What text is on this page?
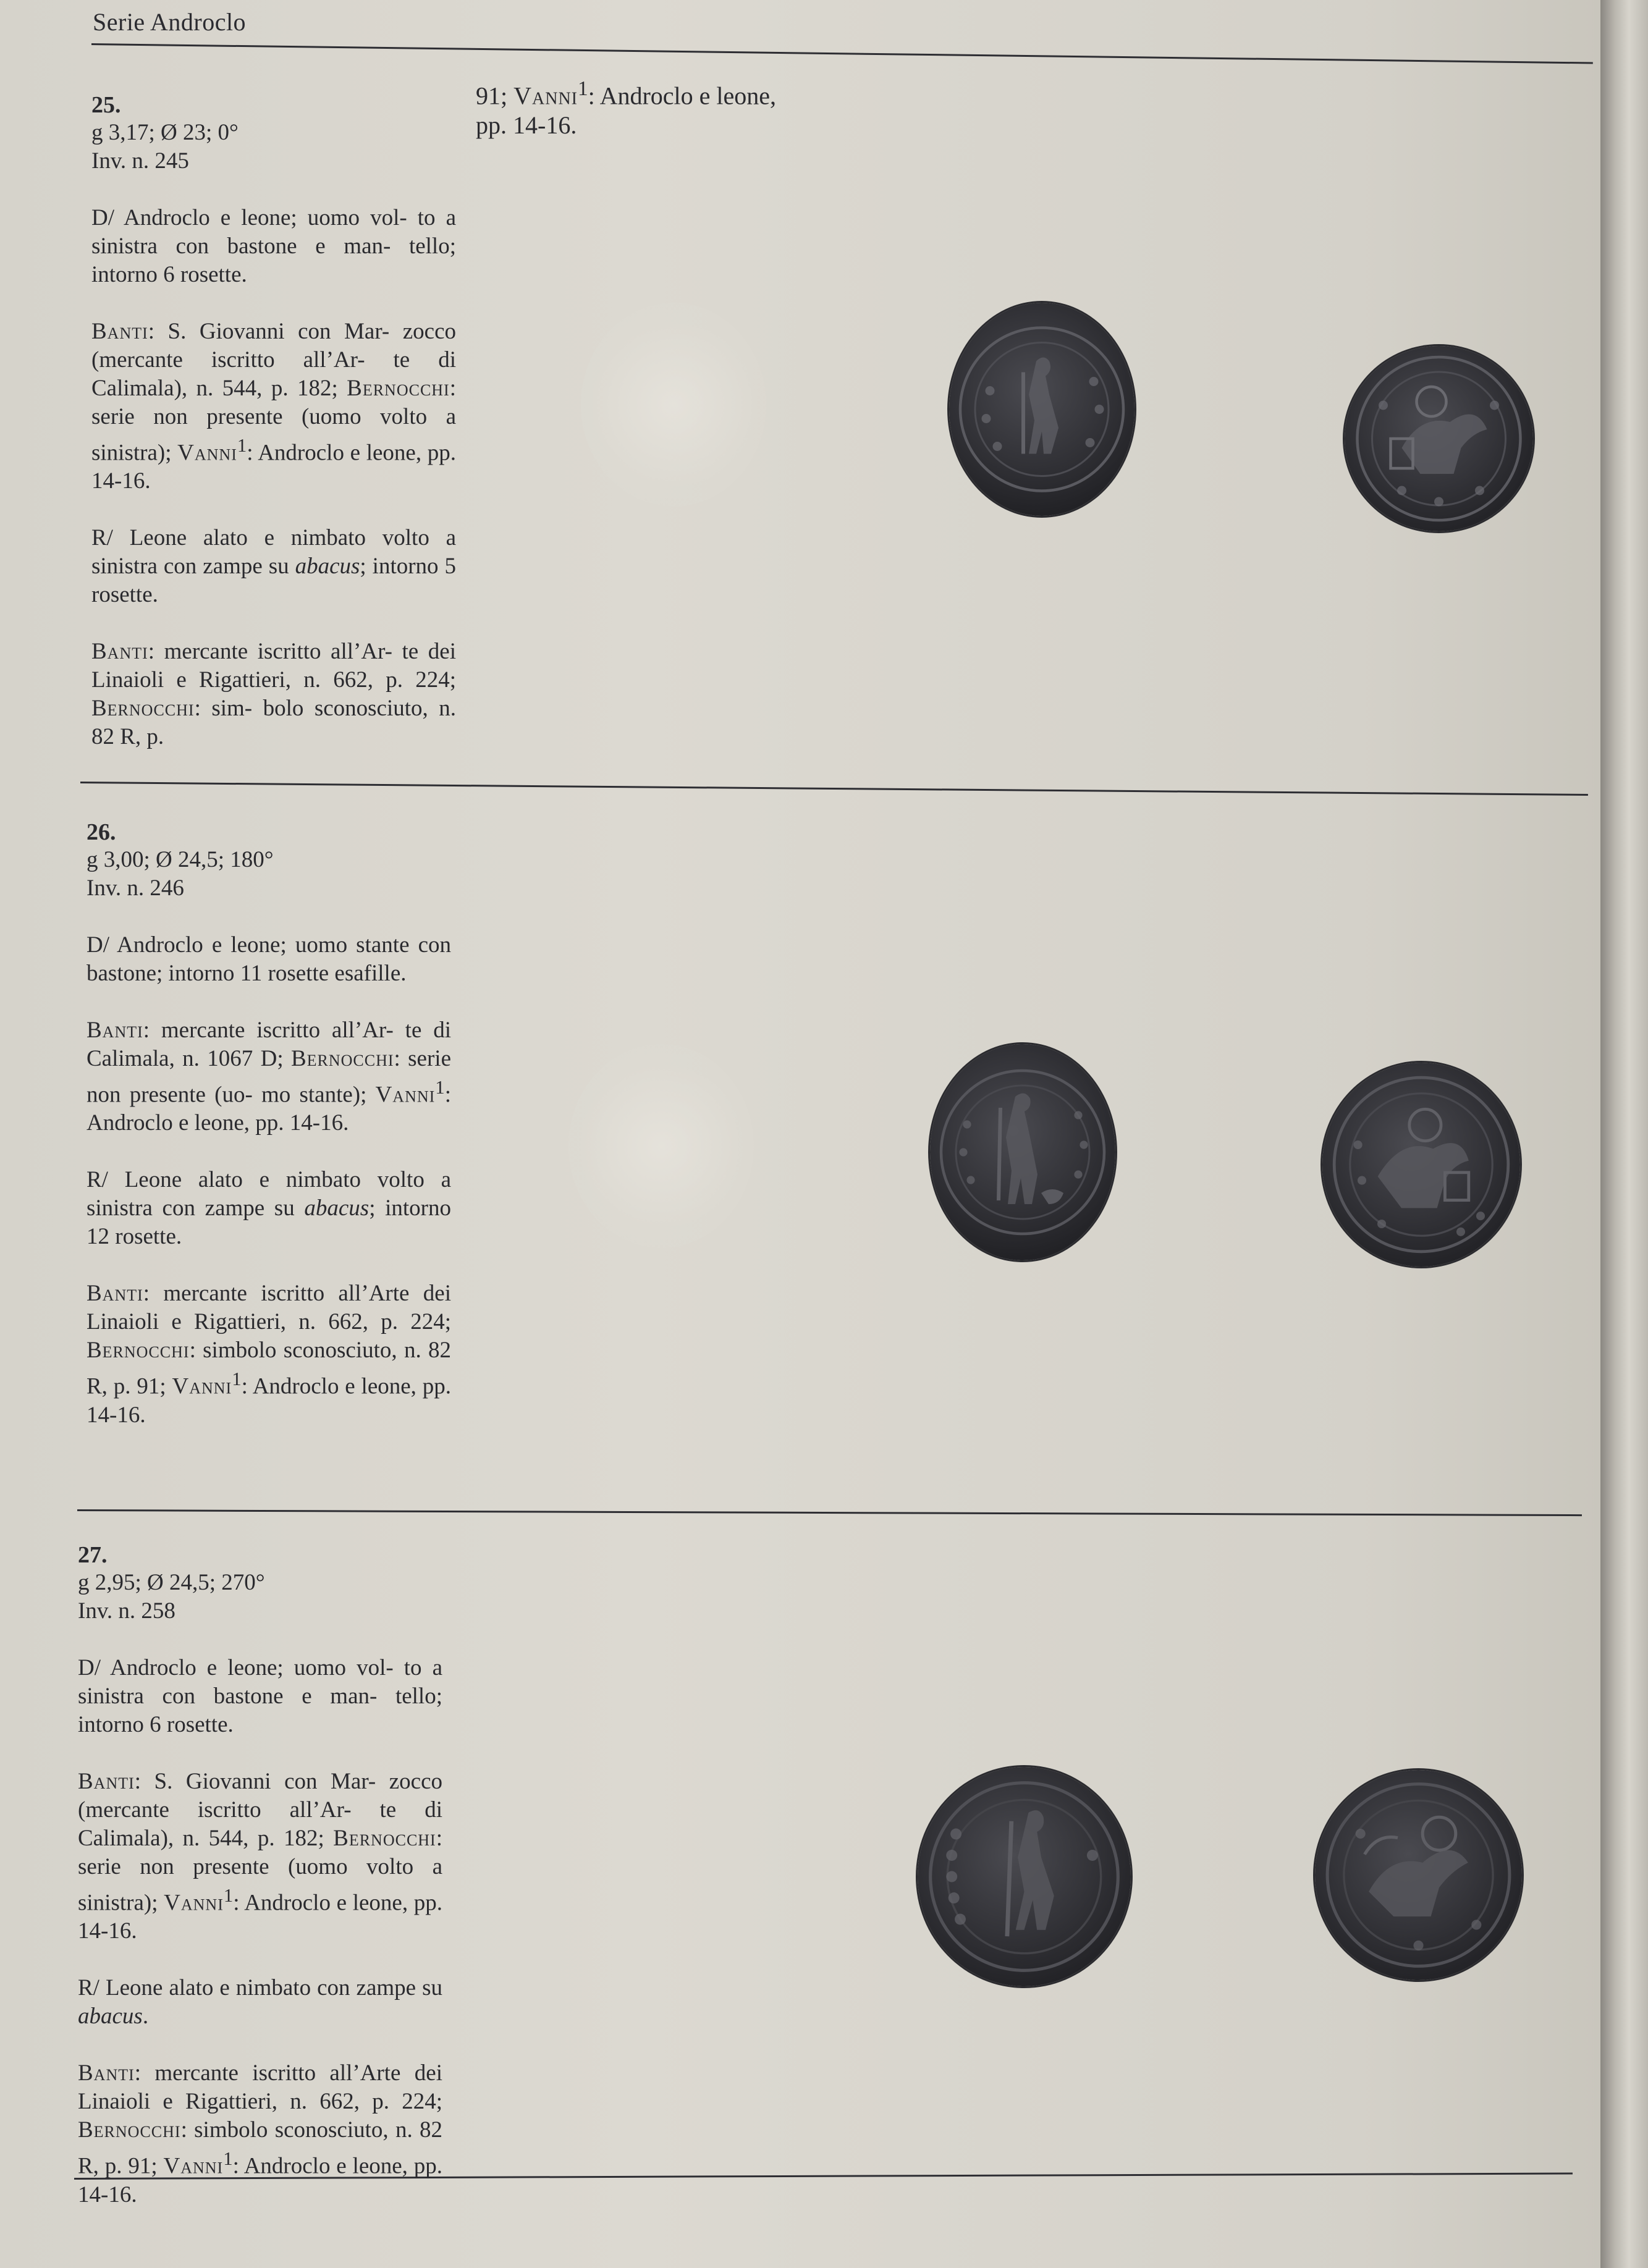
Serie Androclo
91; Vanni$^1$: Androclo e leone,
pp. 14-16.
25.
g 3,17; Ø 23; 0°
Inv. n. 245

D/ Androclo e leone; uomo vol- to a sinistra con bastone e man- tello; intorno 6 rosette.

Banti: S. Giovanni con Mar- zocco (mercante iscritto all’Ar- te di Calimala), n. 544, p. 182; Bernocchi: serie non presente (uomo volto a sinistra); Vanni$^1$: Androclo e leone, pp. 14-16.

R/ Leone alato e nimbato volto a sinistra con zampe su abacus; intorno 5 rosette.

Banti: mercante iscritto all’Ar- te dei Linaioli e Rigattieri, n. 662, p. 224; Bernocchi: sim- bolo sconosciuto, n. 82 R, p.

26.
g 3,00; Ø 24,5; 180°
Inv. n. 246

D/ Androclo e leone; uomo stante con bastone; intorno 11 rosette esafille.

Banti: mercante iscritto all’Ar- te di Calimala, n. 1067 D; Bernocchi: serie non presente (uo- mo stante); Vanni$^1$: Androclo e leone, pp. 14-16.

R/ Leone alato e nimbato volto a sinistra con zampe su abacus; intorno 12 rosette.

Banti: mercante iscritto all’Arte dei Linaioli e Rigattieri, n. 662, p. 224; Bernocchi: simbolo sconosciuto, n. 82 R, p. 91; Vanni$^1$: Androclo e leone, pp. 14-16.

27.
g 2,95; Ø 24,5; 270°
Inv. n. 258

D/ Androclo e leone; uomo vol- to a sinistra con bastone e man- tello; intorno 6 rosette.

Banti: S. Giovanni con Mar- zocco (mercante iscritto all’Ar- te di Calimala), n. 544, p. 182; Bernocchi: serie non presente (uomo volto a sinistra); Vanni$^1$: Androclo e leone, pp. 14-16.

R/ Leone alato e nimbato con zampe su abacus.

Banti: mercante iscritto all’Arte dei Linaioli e Rigattieri, n. 662, p. 224; Bernocchi: simbolo sconosciuto, n. 82 R, p. 91; Vanni$^1$: Androclo e leone, pp. 14-16.
